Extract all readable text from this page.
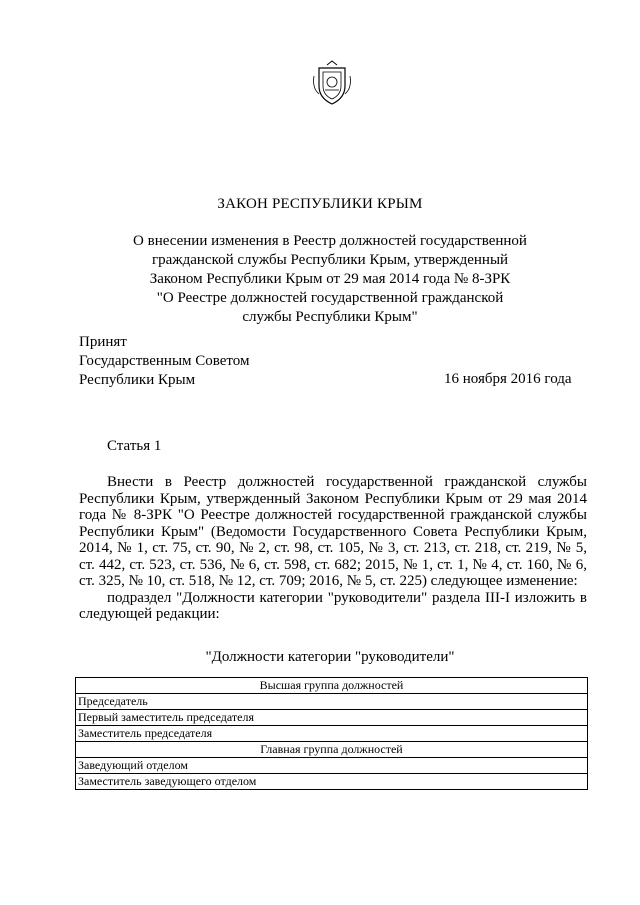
ЗАКОН РЕСПУБЛИКИ КРЫМ
О внесении изменения в Реестр должностей государственной
гражданской службы Республики Крым, утвержденный
Законом Республики Крым от 29 мая 2014 года № 8-ЗРК
"О Реестре должностей государственной гражданской
службы Республики Крым"
Принят
Государственным Советом
Республики Крым	16 ноября 2016 года
Статья 1

Внести в Реестр должностей государственной гражданской службы Республики Крым, утвержденный Законом Республики Крым от 29 мая 2014 года № 8-ЗРК "О Реестре должностей государственной гражданской службы Республики Крым" (Ведомости Государственного Совета Республики Крым, 2014, № 1, ст. 75, ст. 90, № 2, ст. 98, ст. 105, № 3, ст. 213, ст. 218, ст. 219, № 5, ст. 442, ст. 523, ст. 536, № 6, ст. 598, ст. 682; 2015, № 1, ст. 1, № 4, ст. 160, № 6, ст. 325, № 10, ст. 518, № 12, ст. 709; 2016, № 5, ст. 225) следующее изменение:

подраздел "Должности категории "руководители" раздела III-I изложить в следующей редакции:

"Должности категории "руководители"
Высшая группа должностей
Председатель
Первый заместитель председателя
Заместитель председателя
Главная группа должностей
Заведующий отделом
Заместитель заведующего отделом
